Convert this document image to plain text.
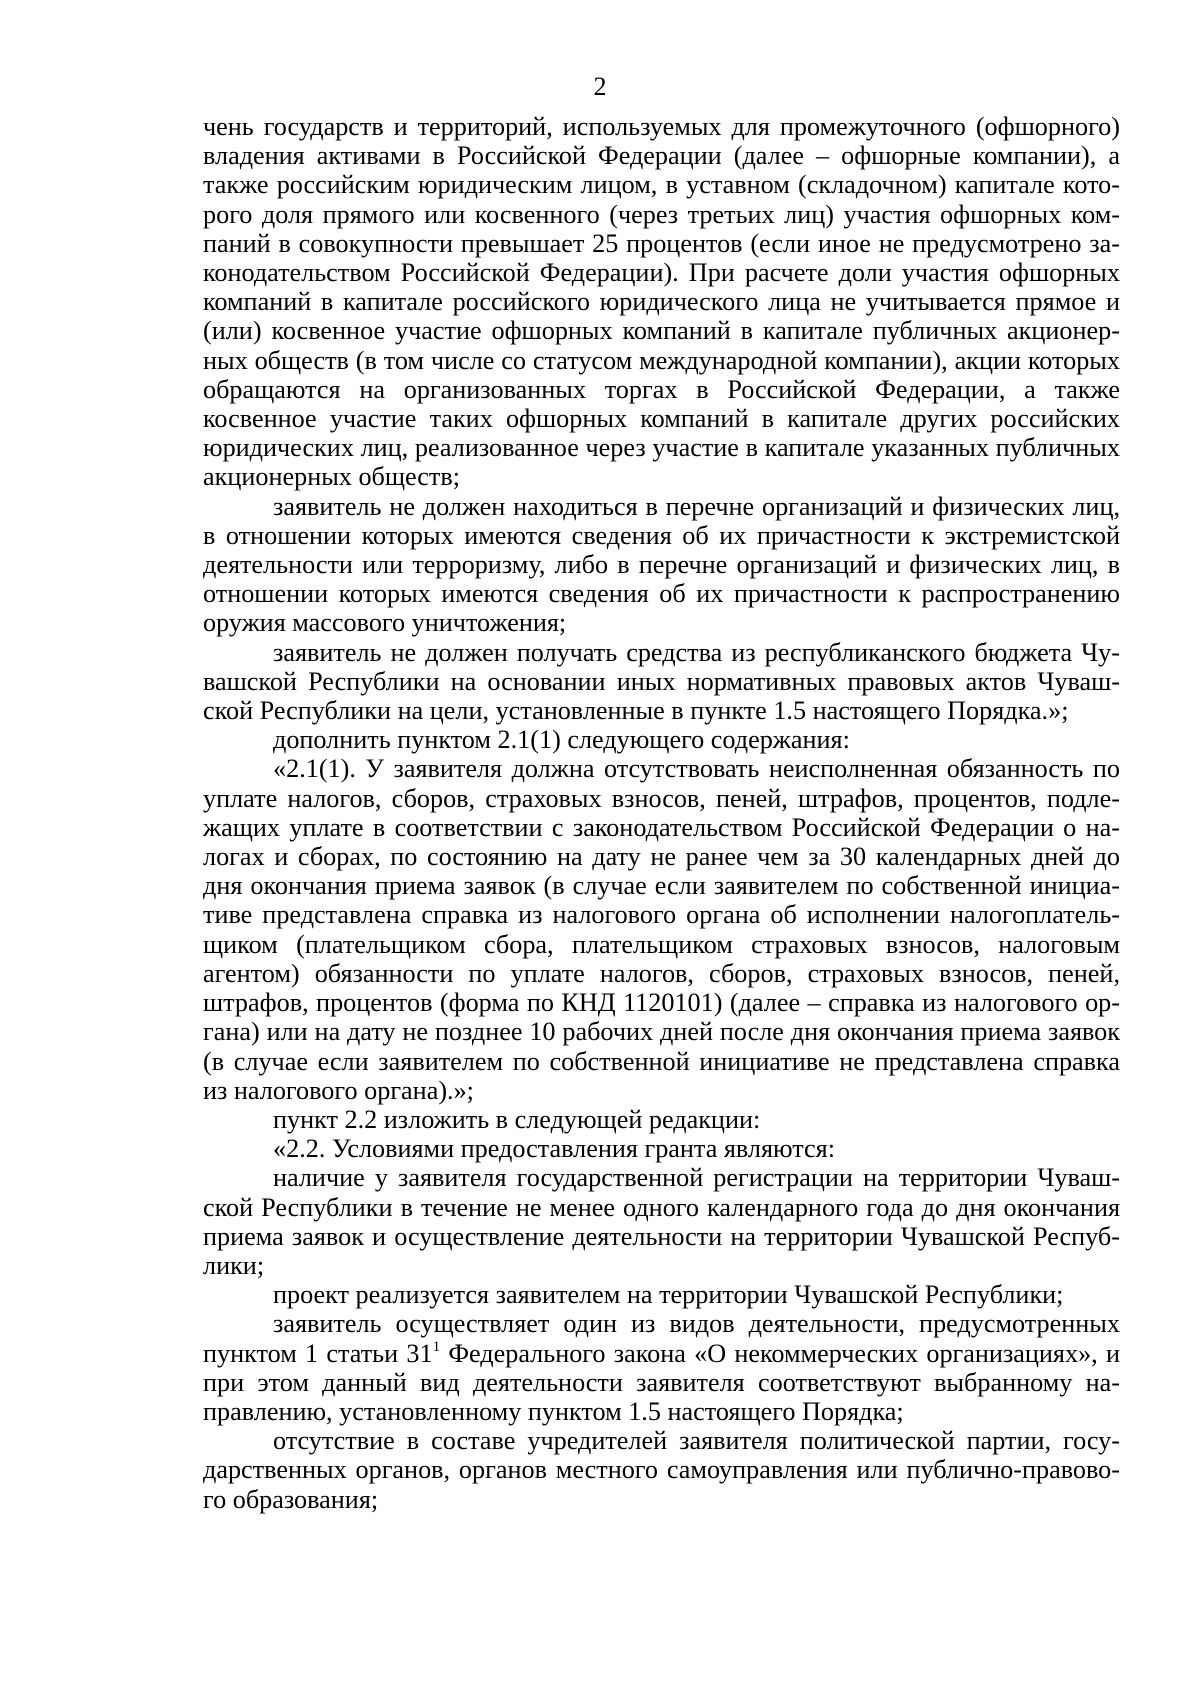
2

чень государств и территорий, используемых для промежуточного (офшорного) владения активами в Российской Федерации (далее – офшорные компании), а также российским юридическим лицом, в уставном (складочном) капитале которого доля прямого или косвенного (через третьих лиц) участия офшорных компаний в совокупности превышает 25 процентов (если иное не предусмотрено законодательством Российской Федерации). При расчете доли участия офшорных компаний в капитале российского юридического лица не учитывается прямое и (или) косвенное участие офшорных компаний в капитале публичных акционерных обществ (в том числе со статусом международной компании), акции которых обращаются на организованных торгах в Российской Федерации, а также косвенное участие таких офшорных компаний в капитале других российских юридических лиц, реализованное через участие в капитале указанных публичных акционерных обществ;

заявитель не должен находиться в перечне организаций и физических лиц, в отношении которых имеются сведения об их причастности к экстремистской деятельности или терроризму, либо в перечне организаций и физических лиц, в отношении которых имеются сведения об их причастности к распространению оружия массового уничтожения;

заявитель не должен получать средства из республиканского бюджета Чувашской Республики на основании иных нормативных правовых актов Чувашской Республики на цели, установленные в пункте 1.5 настоящего Порядка.»;

дополнить пунктом 2.1(1) следующего содержания:

«2.1(1). У заявителя должна отсутствовать неисполненная обязанность по уплате налогов, сборов, страховых взносов, пеней, штрафов, процентов, подлежащих уплате в соответствии с законодательством Российской Федерации о налогах и сборах, по состоянию на дату не ранее чем за 30 календарных дней до дня окончания приема заявок (в случае если заявителем по собственной инициативе представлена справка из налогового органа об исполнении налогоплательщиком (плательщиком сбора, плательщиком страховых взносов, налоговым агентом) обязанности по уплате налогов, сборов, страховых взносов, пеней, штрафов, процентов (форма по КНД 1120101) (далее – справка из налогового органа) или на дату не позднее 10 рабочих дней после дня окончания приема заявок (в случае если заявителем по собственной инициативе не представлена справка из налогового органа).»;

пункт 2.2 изложить в следующей редакции:

«2.2. Условиями предоставления гранта являются:

наличие у заявителя государственной регистрации на территории Чувашской Республики в течение не менее одного календарного года до дня окончания приема заявок и осуществление деятельности на территории Чувашской Республики;

проект реализуется заявителем на территории Чувашской Республики;

заявитель осуществляет один из видов деятельности, предусмотренных пунктом 1 статьи $31^1$ Федерального закона «О некоммерческих организациях», и при этом данный вид деятельности заявителя соответствуют выбранному направлению, установленному пунктом 1.5 настоящего Порядка;

отсутствие в составе учредителей заявителя политической партии, государственных органов, органов местного самоуправления или публично-правового образования;
